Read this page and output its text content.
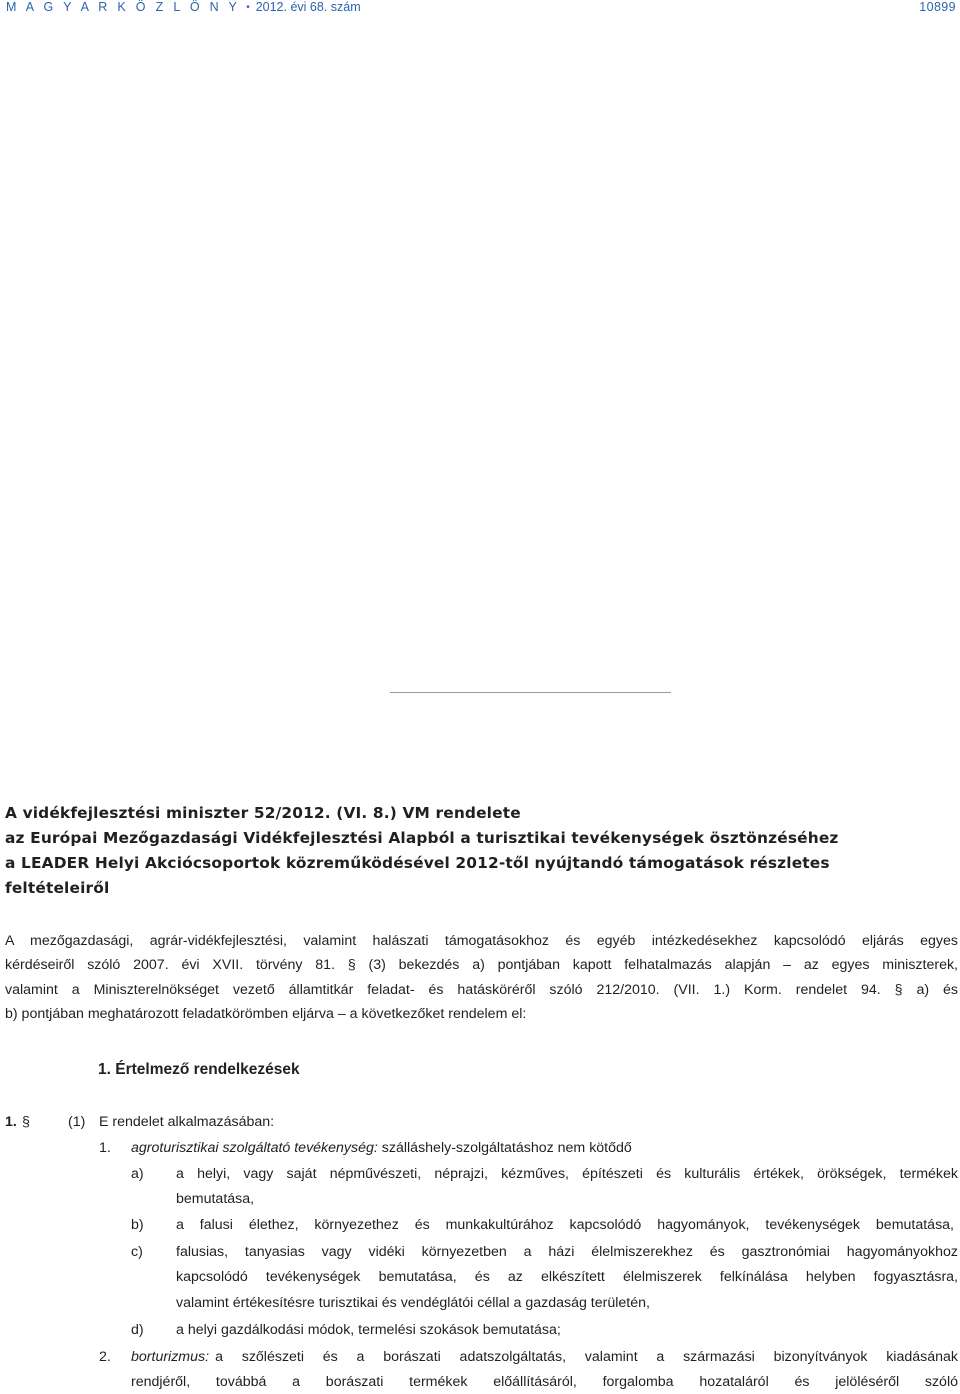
M A G Y A R K Ö Z L Ö N Y • 2012. évi 68. szám	10899
A vidékfejlesztési miniszter 52/2012. (VI. 8.) VM rendelete
az Európai Mezőgazdasági Vidékfejlesztési Alapból a turisztikai tevékenységek ösztönzéséhez
a LEADER Helyi Akciócsoportok közreműködésével 2012-től nyújtandó támogatások részletes
feltételeiről

A mezőgazdasági, agrár-vidékfejlesztési, valamint halászati támogatásokhoz és egyéb intézkedésekhez kapcsolódó eljárás egyes
kérdéseiről szóló 2007. évi XVII. törvény 81. § (3) bekezdés a) pontjában kapott felhatalmazás alapján – az egyes miniszterek,
valamint a Miniszterelnökséget vezető államtitkár feladat- és hatásköréről szóló 212/2010. (VII. 1.) Korm. rendelet 94. § a) és
b) pontjában meghatározott feladatkörömben eljárva – a következőket rendelem el:

1. Értelmező rendelkezések
1. §	(1) E rendelet alkalmazásában:
1. agroturisztikai szolgáltató tevékenység: szálláshely-szolgáltatáshoz nem kötődő
a) a helyi, vagy saját népművészeti, néprajzi, kézműves, építészeti és kulturális értékek, örökségek, termékek
bemutatása,
b) a falusi élethez, környezethez és munkakultúrához kapcsolódó hagyományok, tevékenységek bemutatása,
c) falusias, tanyasias vagy vidéki környezetben a házi élelmiszerekhez és gasztronómiai hagyományokhoz
kapcsolódó tevékenységek bemutatása, és az elkészített élelmiszerek felkínálása helyben fogyasztásra,
valamint értékesítésre turisztikai és vendéglátói céllal a gazdaság területén,
d) a helyi gazdálkodási módok, termelési szokások bemutatása;
2. borturizmus: a szőlészeti és a borászati adatszolgáltatás, valamint a származási bizonyítványok kiadásának
rendjéről, továbbá a borászati termékek előállításáról, forgalomba hozataláról és jelöléséről szóló
